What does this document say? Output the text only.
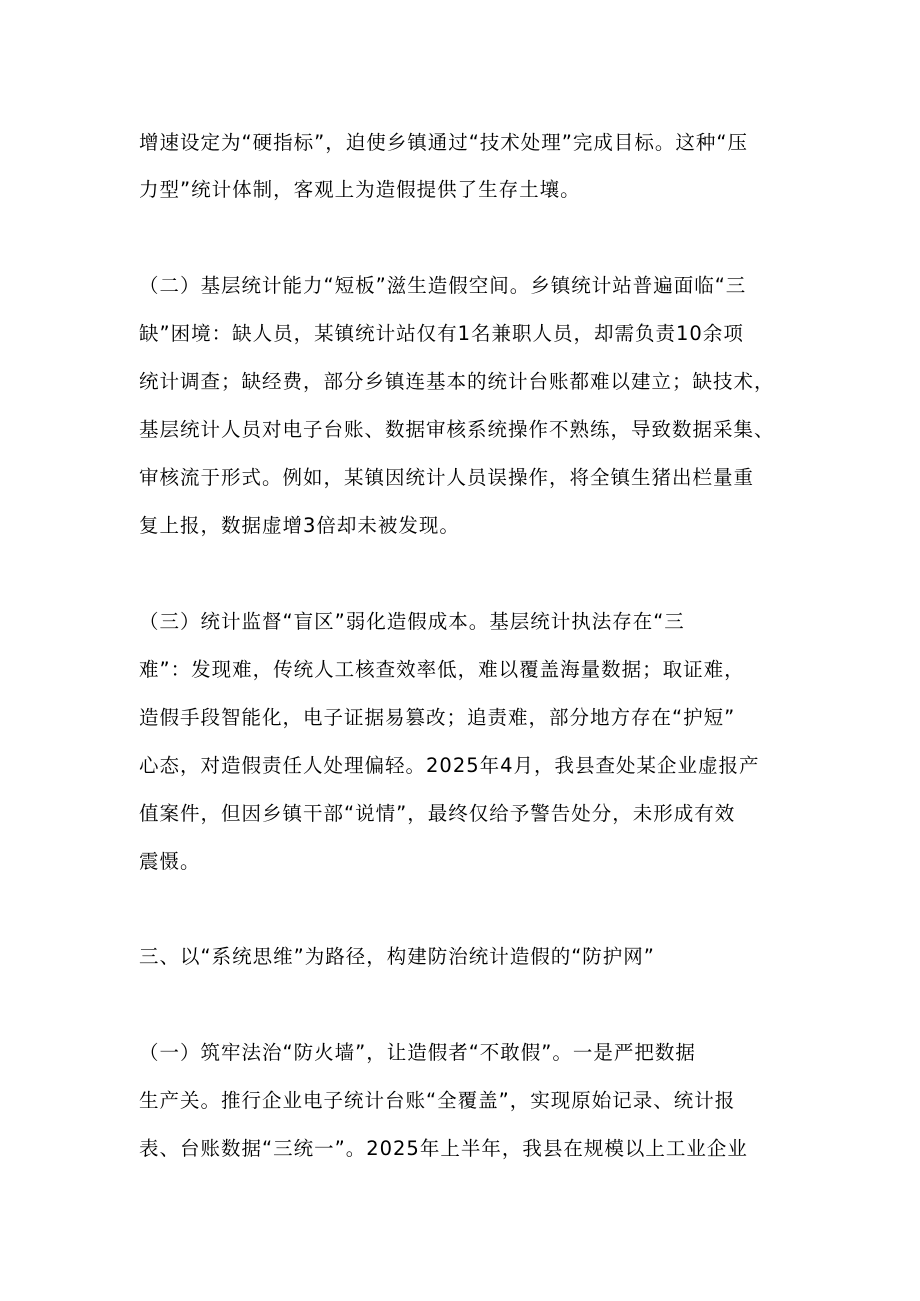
增速设定为“硬指标”，迫使乡镇通过“技术处理”完成目标。这种“压
力型”统计体制，客观上为造假提供了生存土壤。
（二）基层统计能力“短板”滋生造假空间。乡镇统计站普遍面临“三
缺”困境：缺人员，某镇统计站仅有1名兼职人员，却需负责10余项
统计调查；缺经费，部分乡镇连基本的统计台账都难以建立；缺技术，
基层统计人员对电子台账、数据审核系统操作不熟练，导致数据采集、
审核流于形式。例如，某镇因统计人员误操作，将全镇生猪出栏量重
复上报，数据虚增3倍却未被发现。
（三）统计监督“盲区”弱化造假成本。基层统计执法存在“三
难”：发现难，传统人工核查效率低，难以覆盖海量数据；取证难，
造假手段智能化，电子证据易篡改；追责难，部分地方存在“护短”
心态，对造假责任人处理偏轻。2025年4月，我县查处某企业虚报产
值案件，但因乡镇干部“说情”，最终仅给予警告处分，未形成有效
震慑。
三、以“系统思维”为路径，构建防治统计造假的“防护网”
（一）筑牢法治“防火墙”，让造假者“不敢假”。一是严把数据
生产关。推行企业电子统计台账“全覆盖”，实现原始记录、统计报
表、台账数据“三统一”。2025年上半年，我县在规模以上工业企业
